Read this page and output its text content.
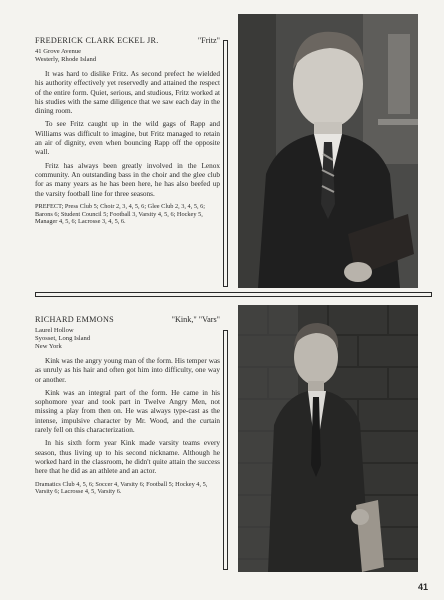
FREDERICK CLARK ECKEL JR.	"Fritz"
41 Grove Avenue
Westerly, Rhode Island

It was hard to dislike Fritz. As second prefect he wielded his authority effectively yet reservedly and attained the respect of the entire form. Quiet, serious, and studious, Fritz worked at his studies with the same diligence that we saw each day in the dining room.

To see Fritz caught up in the wild gags of Rapp and Williams was difficult to imagine, but Fritz managed to retain an air of dignity, even when bouncing Rapp off the opposite wall.

Fritz has always been greatly involved in the Lenox community. An outstanding bass in the choir and the glee club for as many years as he has been here, he has also beefed up the varsity football line for three seasons.

PREFECT; Press Club 5; Choir 2, 3, 4, 5, 6; Glee Club 2, 3, 4, 5, 6; Barons 6; Student Council 5; Football 3, Varsity 4, 5, 6; Hockey 5, Manager 4, 5, 6; Lacrosse 3, 4, 5, 6.
RICHARD EMMONS	"Kink," "Vars"
Laurel Hollow
Syosset, Long Island
New York

Kink was the angry young man of the form. His temper was as unruly as his hair and often got him into difficulty, one way or another.

Kink was an integral part of the form. He came in his sophomore year and took part in Twelve Angry Men, not missing a play from then on. He was always type-cast as the intense, impulsive character by Mr. Wood, and the curtain rarely fell on this characterization.

In his sixth form year Kink made varsity teams every season, thus living up to his second nickname. Although he worked hard in the classroom, he didn't quite attain the success here that he did as an athlete and an actor.

Dramatics Club 4, 5, 6; Soccer 4, Varsity 6; Football 5; Hockey 4, 5, Varsity 6; Lacrosse 4, 5, Varsity 6.
41
